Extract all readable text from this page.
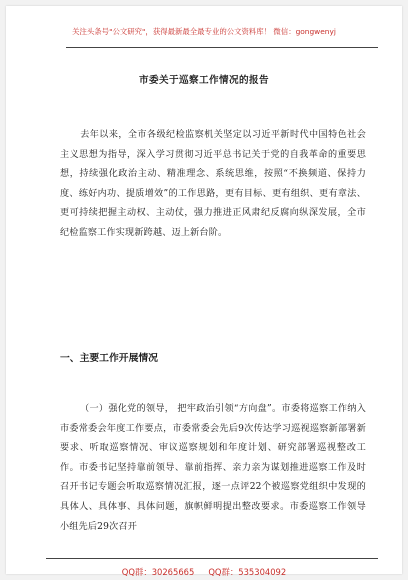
关注头条号"公文研究"，获得最新最全最专业的公文资料库！ 微信：gongwenyj
市委关于巡察工作情况的报告

去年以来，全市各级纪检监察机关坚定以习近平新时代中国特色社会主义思想为指导，深入学习贯彻习近平总书记关于党的自我革命的重要思想，持续强化政治主动、精准理念、系统思维，按照“不换频道、保持力度、练好内功、提质增效”的工作思路，更有目标、更有组织、更有章法、更可持续把握主动权、主动仗，强力推进正风肃纪反腐向纵深发展，全市纪检监察工作实现新跨越、迈上新台阶。

一、主要工作开展情况

（一）强化党的领导， 把牢政治引领“方向盘”。市委将巡察工作纳入市委常委会年度工作要点，市委常委会先后9次传达学习巡视巡察新部署新要求、听取巡察情况、审议巡察规划和年度计划、研究部署巡视整改工作。市委书记坚持靠前领导、靠前指挥、亲力亲为谋划推进巡察工作及时召开书记专题会听取巡察情况汇报，逐一点评22个被巡察党组织中发现的具体人、具体事、具体问题，旗帜鲜明提出整改要求。市委巡察工作领导小组先后29次召开

QQ群：30265665 QQ群：535304092
